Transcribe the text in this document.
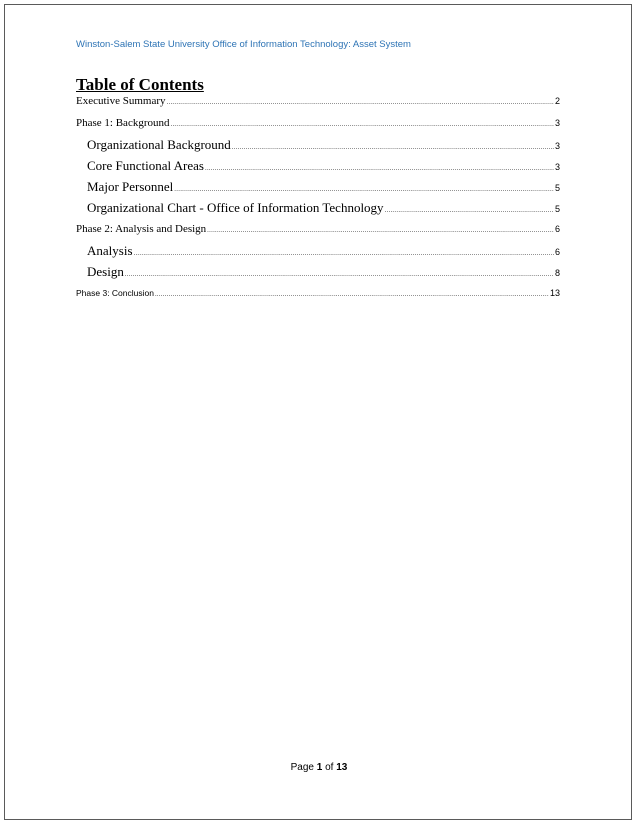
Winston-Salem State University Office of Information Technology: Asset System
Table of Contents
Executive Summary .....	2
Phase 1: Background .....	3
Organizational Background .....	3
Core Functional Areas .....	3
Major Personnel .....	5
Organizational Chart - Office of Information Technology .....	5
Phase 2: Analysis and Design .....	6
Analysis .....	6
Design .....	8
Phase 3: Conclusion .....	13
Page 1 of 13
